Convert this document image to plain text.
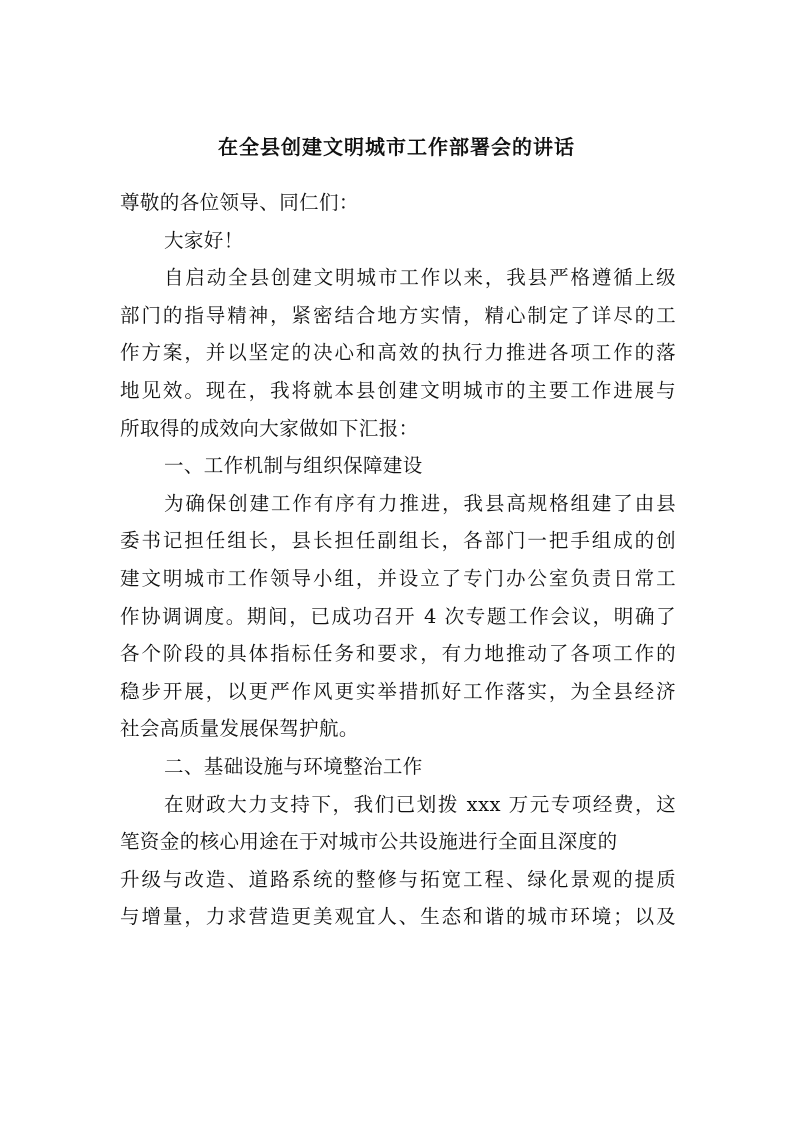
在全县创建文明城市工作部署会的讲话
尊敬的各位领导、同仁们：
大家好！
自启动全县创建文明城市工作以来，我县严格遵循上级
部门的指导精神，紧密结合地方实情，精心制定了详尽的工
作方案，并以坚定的决心和高效的执行力推进各项工作的落
地见效。现在，我将就本县创建文明城市的主要工作进展与
所取得的成效向大家做如下汇报：
一、工作机制与组织保障建设
为确保创建工作有序有力推进，我县高规格组建了由县
委书记担任组长，县长担任副组长，各部门一把手组成的创
建文明城市工作领导小组，并设立了专门办公室负责日常工
作协调调度。期间，已成功召开 4 次专题工作会议，明确了
各个阶段的具体指标任务和要求，有力地推动了各项工作的
稳步开展，以更严作风更实举措抓好工作落实，为全县经济
社会高质量发展保驾护航。
二、基础设施与环境整治工作
在财政大力支持下，我们已划拨 xxx 万元专项经费，这
笔资金的核心用途在于对城市公共设施进行全面且深度的
升级与改造、道路系统的整修与拓宽工程、绿化景观的提质
与增量，力求营造更美观宜人、生态和谐的城市环境；以及
